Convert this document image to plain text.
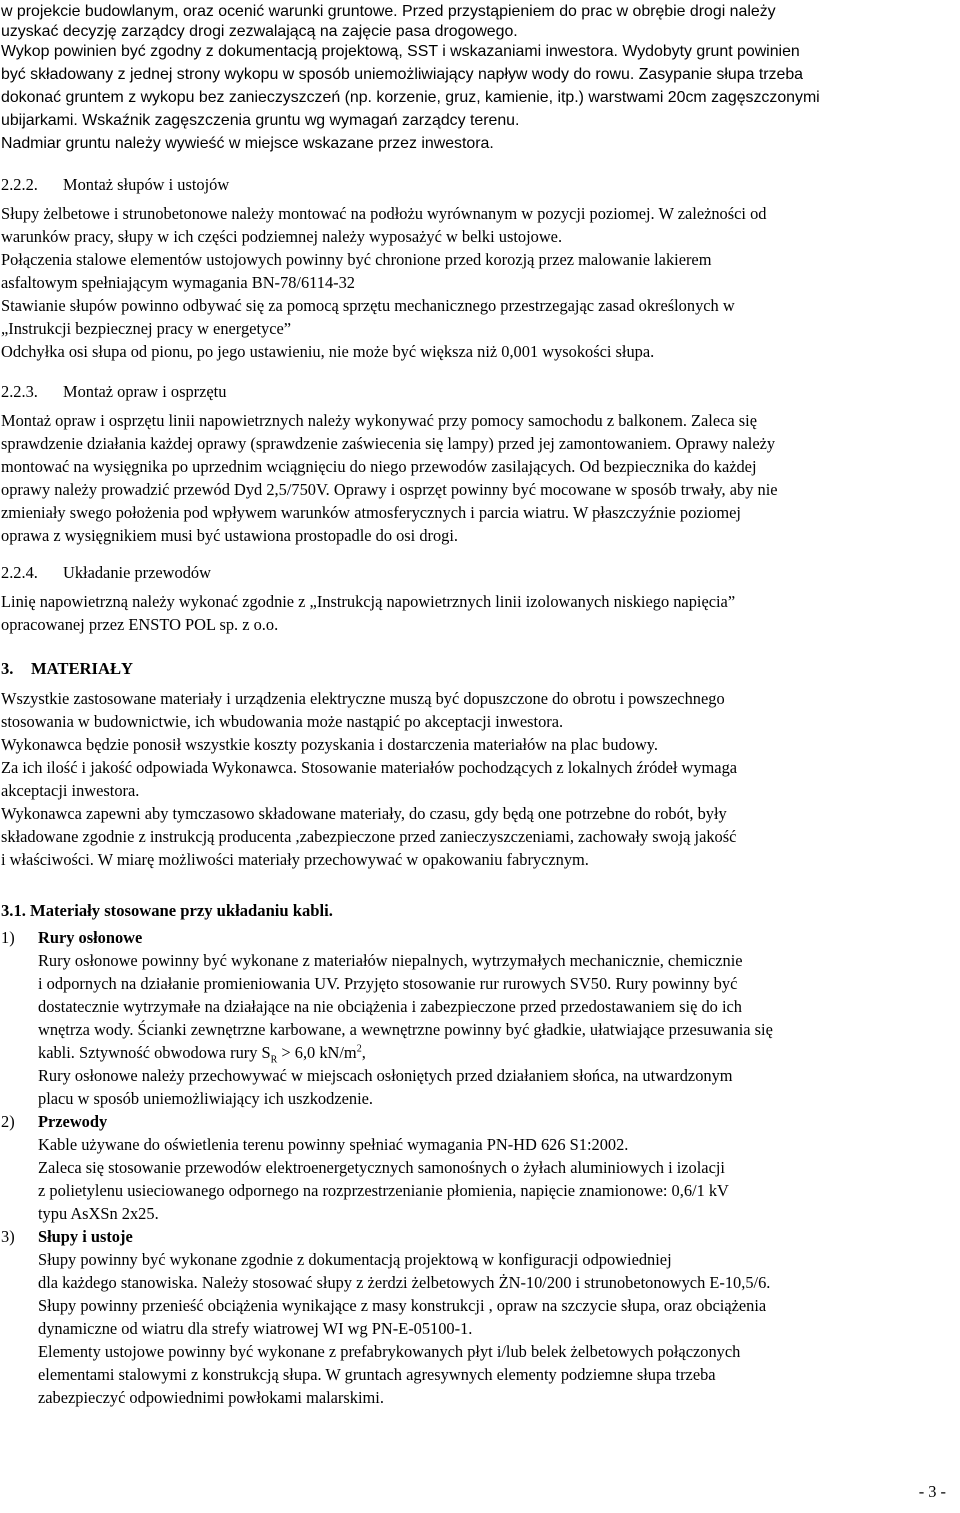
w projekcie budowlanym, oraz ocenić warunki gruntowe. Przed przystąpieniem do prac w obrębie drogi należy
uzyskać decyzję zarządcy drogi zezwalającą na zajęcie pasa drogowego.
Wykop powinien być zgodny z dokumentacją projektową, SST i wskazaniami inwestora. Wydobyty grunt powinien
być składowany z jednej strony wykopu w sposób uniemożliwiający napływ wody do rowu. Zasypanie słupa trzeba
dokonać gruntem z wykopu bez zanieczyszczeń (np. korzenie, gruz, kamienie, itp.) warstwami 20cm zagęszczonymi
ubijarkami. Wskaźnik zagęszczenia gruntu wg wymagań zarządcy terenu.
Nadmiar gruntu należy wywieść w miejsce wskazane przez inwestora.
2.2.2. Montaż słupów i ustojów
Słupy żelbetowe i strunobetonowe należy montować na podłożu wyrównanym w pozycji poziomej. W zależności od
warunków pracy, słupy w ich części podziemnej należy wyposażyć w belki ustojowe.
Połączenia stalowe elementów ustojowych powinny być chronione przed korozją przez malowanie lakierem
asfaltowym spełniającym wymagania BN-78/6114-32
Stawianie słupów powinno odbywać się za pomocą sprzętu mechanicznego przestrzegając zasad określonych w
„Instrukcji bezpiecznej pracy w energetyce”
Odchyłka osi słupa od pionu, po jego ustawieniu, nie może być większa niż 0,001 wysokości słupa.
2.2.3. Montaż opraw i osprzętu
Montaż opraw i osprzętu linii napowietrznych należy wykonywać przy pomocy samochodu z balkonem. Zaleca się
sprawdzenie działania każdej oprawy (sprawdzenie zaświecenia się lampy) przed jej zamontowaniem. Oprawy należy
montować na wysięgnika po uprzednim wciągnięciu do niego przewodów zasilających. Od bezpiecznika do każdej
oprawy należy prowadzić przewód Dyd 2,5/750V. Oprawy i osprzęt powinny być mocowane w sposób trwały, aby nie
zmieniały swego położenia pod wpływem warunków atmosferycznych i parcia wiatru. W płaszczyźnie poziomej
oprawa z wysięgnikiem musi być ustawiona prostopadle do osi drogi.
2.2.4. Układanie przewodów
Linię napowietrzną należy wykonać zgodnie z „Instrukcją napowietrznych linii izolowanych niskiego napięcia”
opracowanej przez ENSTO POL sp. z o.o.
3. MATERIAŁY
Wszystkie zastosowane materiały i urządzenia elektryczne muszą być dopuszczone do obrotu i powszechnego
stosowania w budownictwie, ich wbudowania może nastąpić po akceptacji inwestora.
Wykonawca będzie ponosił wszystkie koszty pozyskania i dostarczenia materiałów na plac budowy.
Za ich ilość i jakość odpowiada Wykonawca. Stosowanie materiałów pochodzących z lokalnych źródeł wymaga
akceptacji inwestora.
Wykonawca zapewni aby tymczasowo składowane materiały, do czasu, gdy będą one potrzebne do robót, były
składowane zgodnie z instrukcją producenta ,zabezpieczone przed zanieczyszczeniami, zachowały swoją jakość
i właściwości. W miarę możliwości materiały przechowywać w opakowaniu fabrycznym.
3.1. Materiały stosowane przy układaniu kabli.
1) Rury osłonowe
Rury osłonowe powinny być wykonane z materiałów niepalnych, wytrzymałych mechanicznie, chemicznie
i odpornych na działanie promieniowania UV. Przyjęto stosowanie rur rurowych SV50. Rury powinny być
dostatecznie wytrzymałe na działające na nie obciążenia i zabezpieczone przed przedostawaniem się do ich
wnętrza wody. Ścianki zewnętrzne karbowane, a wewnętrzne powinny być gładkie, ułatwiające przesuwania się
kabli. Sztywność obwodowa rury $S_R > 6,0$ $kN/m^2$,
Rury osłonowe należy przechowywać w miejscach osłoniętych przed działaniem słońca, na utwardzonym
placu w sposób uniemożliwiający ich uszkodzenie.
2) Przewody
Kable używane do oświetlenia terenu powinny spełniać wymagania PN-HD 626 S1:2002.
Zaleca się stosowanie przewodów elektroenergetycznych samonośnych o żyłach aluminiowych i izolacji
z polietylenu usieciowanego odpornego na rozprzestrzenianie płomienia, napięcie znamionowe: 0,6/1 kV
typu AsXSn 2x25.
3) Słupy i ustoje
Słupy powinny być wykonane zgodnie z dokumentacją projektową w konfiguracji odpowiedniej
dla każdego stanowiska. Należy stosować słupy z żerdzi żelbetowych ŻN-10/200 i strunobetonowych E-10,5/6.
Słupy powinny przenieść obciążenia wynikające z masy konstrukcji , opraw na szczycie słupa, oraz obciążenia
dynamiczne od wiatru dla strefy wiatrowej WI wg PN-E-05100-1.
Elementy ustojowe powinny być wykonane z prefabrykowanych płyt i/lub belek żelbetowych połączonych
elementami stalowymi z konstrukcją słupa. W gruntach agresywnych elementy podziemne słupa trzeba
zabezpieczyć odpowiednimi powłokami malarskimi.
- 3 -
